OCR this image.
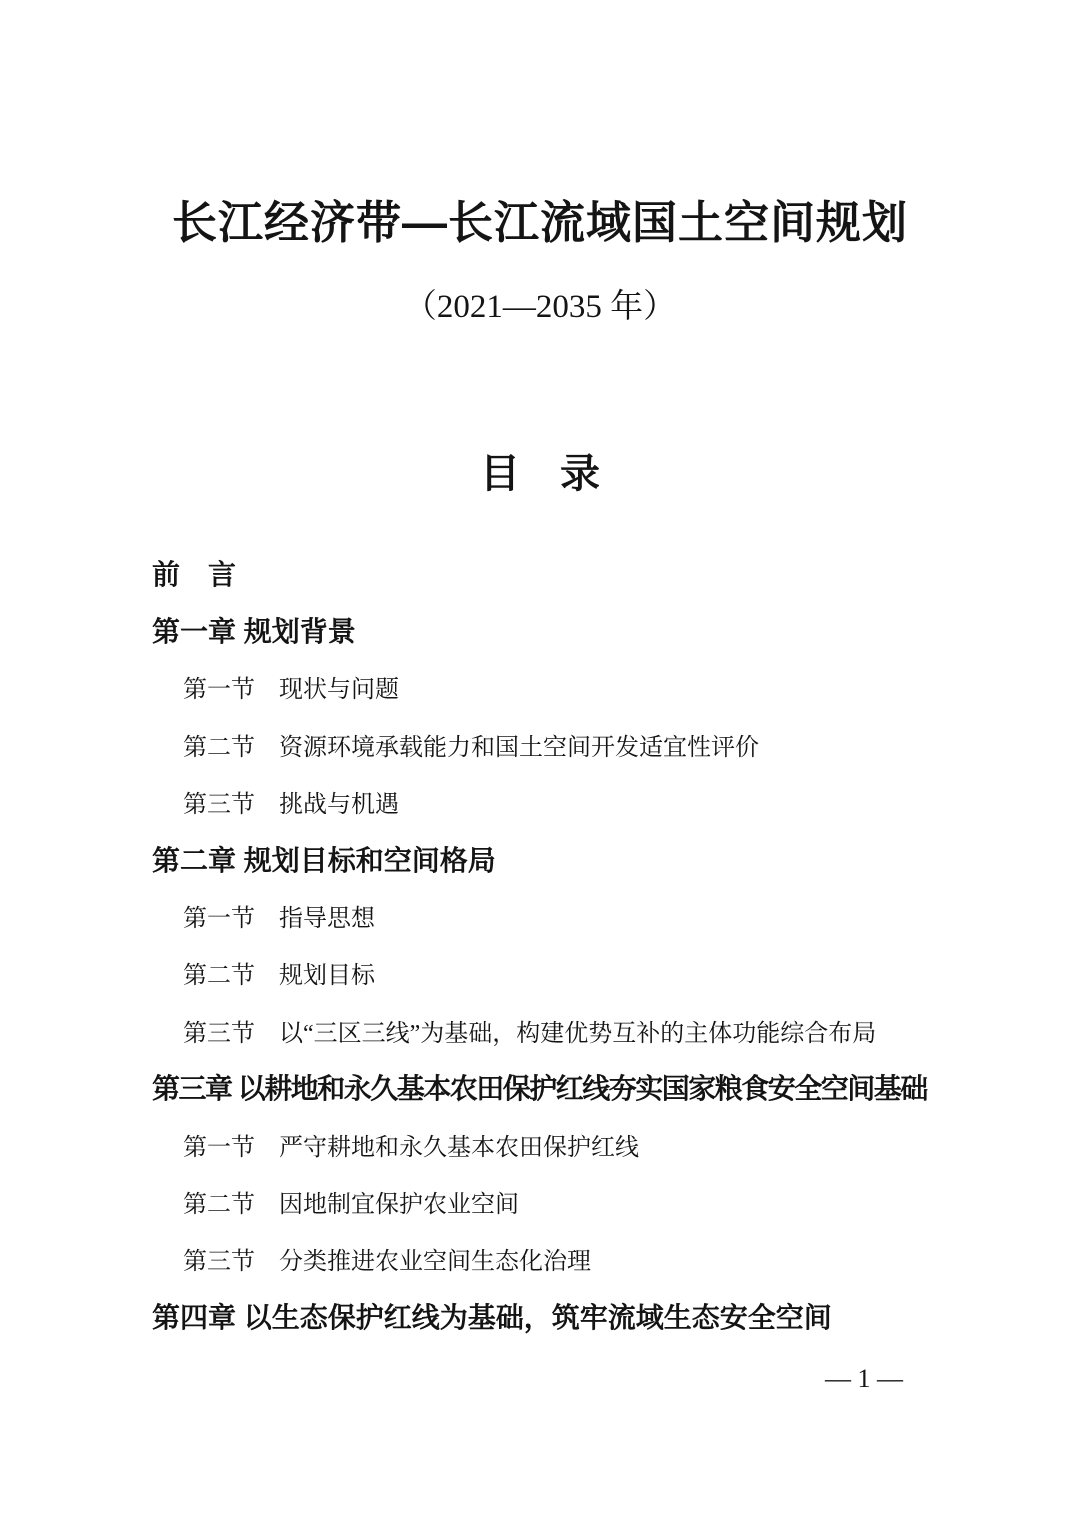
长江经济带—长江流域国土空间规划
（2021—2035 年）
目　录
前　言
第一章 规划背景
第一节　现状与问题
第二节　资源环境承载能力和国土空间开发适宜性评价
第三节　挑战与机遇
第二章 规划目标和空间格局
第一节　指导思想
第二节　规划目标
第三节　以“三区三线”为基础，构建优势互补的主体功能综合布局
第三章 以耕地和永久基本农田保护红线夯实国家粮食安全空间基础
第一节　严守耕地和永久基本农田保护红线
第二节　因地制宜保护农业空间
第三节　分类推进农业空间生态化治理
第四章 以生态保护红线为基础，筑牢流域生态安全空间
— 1 —
